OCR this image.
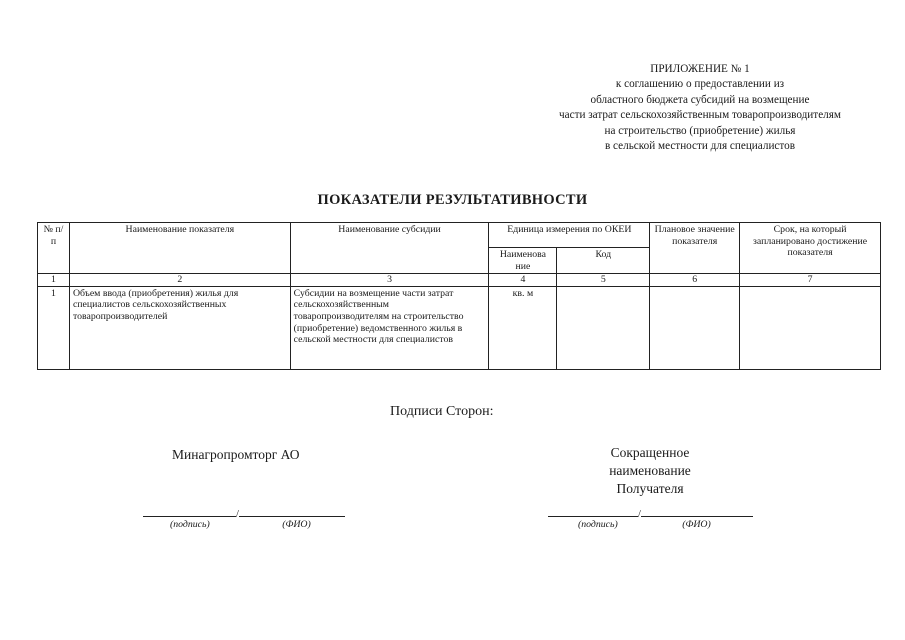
ПРИЛОЖЕНИЕ № 1
к соглашению о предоставлении из
областного бюджета субсидий на возмещение
части затрат сельскохозяйственным товаропроизводителям
на строительство (приобретение) жилья
в сельской местности для специалистов
ПОКАЗАТЕЛИ РЕЗУЛЬТАТИВНОСТИ
№ п/п	Наименование показателя	Наименование субсидии	Единица измерения по ОКЕИ		Плановое значение показателя	Срок, на который запланировано достижение показателя
			Наименова ние	Код		
1	2	3	4	5	6	7
1	Объем ввода (приобретения) жилья для специалистов сельскохозяйственных товаропроизводителей	Субсидии на возмещение части затрат сельскохозяйственным товаропроизводителям на строительство (приобретение) ведомственного жилья в сельской местности для специалистов	кв. м			
Подписи Сторон:
Минагропромторг АО	Сокращенное
наименование
Получателя
/
(подпись)	(ФИО)
/
(подпись)	(ФИО)
